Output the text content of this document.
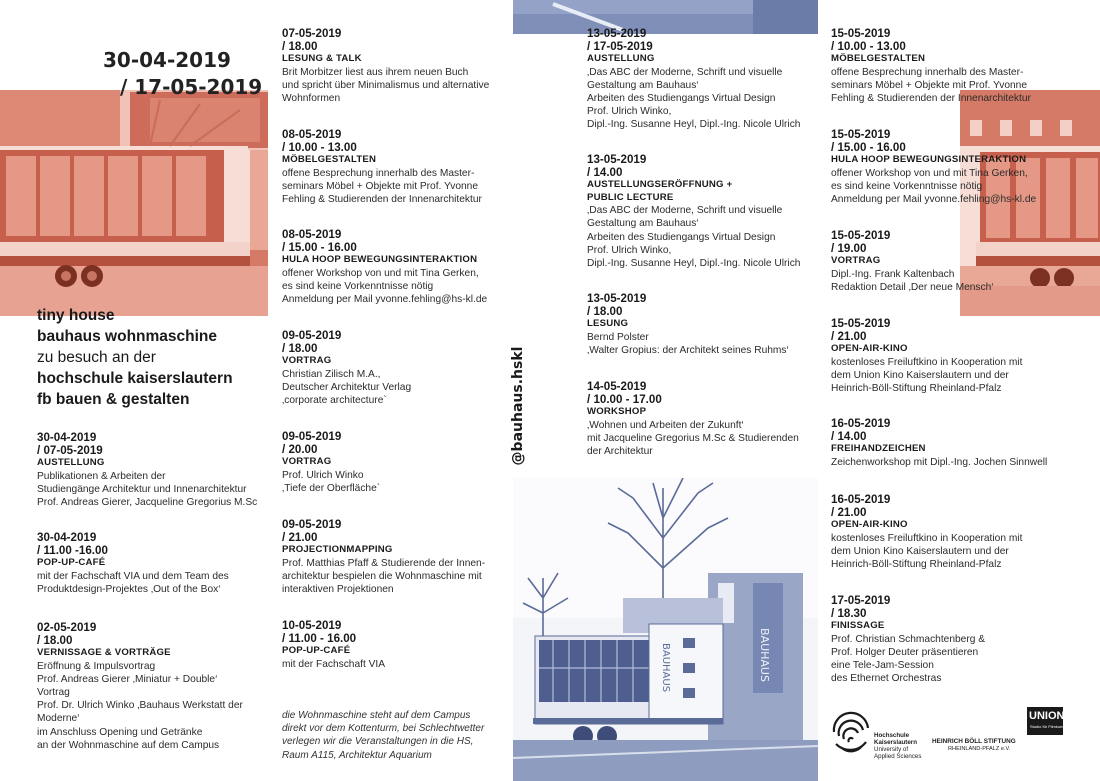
BAUHAUS
BAUHAUS
30-04-2019
/ 17-05-2019
tiny house
bauhaus wohnmaschine
zu besuch an der
hochschule kaiserslautern
fb bauen & gestalten
30-04-2019
/ 07-05-2019
AUSTELLUNG
Publikationen & Arbeiten der
Studiengänge Architektur und Innenarchitektur
Prof. Andreas Gierer, Jacqueline Gregorius M.Sc
30-04-2019
/ 11.00 -16.00
POP-UP-CAFÉ
mit der Fachschaft VIA und dem Team des
Produktdesign-Projektes ‚Out of the Box‘
02-05-2019
/ 18.00
VERNISSAGE & VORTRÄGE
Eröffnung & Impulsvortrag
Prof. Andreas Gierer ‚Miniatur + Double‘
Vortrag
Prof. Dr. Ulrich Winko ‚Bauhaus Werkstatt der
Moderne‘
im Anschluss Opening und Getränke
an der Wohnmaschine auf dem Campus
07-05-2019
/ 18.00
LESUNG & TALK
Brit Morbitzer liest aus ihrem neuen Buch
und spricht über Minimalismus und alternative
Wohnformen
08-05-2019
/ 10.00 - 13.00
MÖBELGESTALTEN
offene Besprechung innerhalb des Master-
seminars Möbel + Objekte mit Prof. Yvonne
Fehling & Studierenden der Innenarchitektur
08-05-2019
/ 15.00 - 16.00
HULA HOOP BEWEGUNGSINTERAKTION
offener Workshop von und mit Tina Gerken,
es sind keine Vorkenntnisse nötig
Anmeldung per Mail yvonne.fehling@hs-kl.de
09-05-2019
/ 18.00
VORTRAG
Christian Zilisch M.A.,
Deutscher Architektur Verlag
‚corporate architecture`
09-05-2019
/ 20.00
VORTRAG
Prof. Ulrich Winko
‚Tiefe der Oberfläche`
09-05-2019
/ 21.00
PROJECTIONMAPPING
Prof. Matthias Pfaff & Studierende der Innen-
architektur bespielen die Wohnmaschine mit
interaktiven Projektionen
10-05-2019
/ 11.00 - 16.00
POP-UP-CAFÉ
mit der Fachschaft VIA
die Wohnmaschine steht auf dem Campus
direkt vor dem Kottenturm, bei Schlechtwetter
verlegen wir die Veranstaltungen in die HS,
Raum A115, Architektur Aquarium
@bauhaus.hskl
13-05-2019
/ 17-05-2019
AUSTELLUNG
‚Das ABC der Moderne, Schrift und visuelle
Gestaltung am Bauhaus‘
Arbeiten des Studiengangs Virtual Design
Prof. Ulrich Winko,
Dipl.-Ing. Susanne Heyl, Dipl.-Ing. Nicole Ulrich
13-05-2019
/ 14.00
AUSTELLUNGSERÖFFNUNG +
PUBLIC LECTURE
‚Das ABC der Moderne, Schrift und visuelle
Gestaltung am Bauhaus‘
Arbeiten des Studiengangs Virtual Design
Prof. Ulrich Winko,
Dipl.-Ing. Susanne Heyl, Dipl.-Ing. Nicole Ulrich
13-05-2019
/ 18.00
LESUNG
Bernd Polster
‚Walter Gropius: der Architekt seines Ruhms‘
14-05-2019
/ 10.00 - 17.00
WORKSHOP
‚Wohnen und Arbeiten der Zukunft‘
mit Jacqueline Gregorius M.Sc & Studierenden
der Architektur
15-05-2019
/ 10.00 - 13.00
MÖBELGESTALTEN
offene Besprechung innerhalb des Master-
seminars Möbel + Objekte mit Prof. Yvonne
Fehling & Studierenden der Innenarchitektur
15-05-2019
/ 15.00 - 16.00
HULA HOOP BEWEGUNGSINTERAKTION
offener Workshop von und mit Tina Gerken,
es sind keine Vorkenntnisse nötig
Anmeldung per Mail yvonne.fehling@hs-kl.de
15-05-2019
/ 19.00
VORTRAG
Dipl.-Ing. Frank Kaltenbach
Redaktion Detail ‚Der neue Mensch‘
15-05-2019
/ 21.00
OPEN-AIR-KINO
kostenloses Freiluftkino in Kooperation mit
dem Union Kino Kaiserslautern und der
Heinrich-Böll-Stiftung Rheinland-Pfalz
16-05-2019
/ 14.00
FREIHANDZEICHEN
Zeichenworkshop mit Dipl.-Ing. Jochen Sinnwell
16-05-2019
/ 21.00
OPEN-AIR-KINO
kostenloses Freiluftkino in Kooperation mit
dem Union Kino Kaiserslautern und der
Heinrich-Böll-Stiftung Rheinland-Pfalz
17-05-2019
/ 18.30
FINISSAGE
Prof. Christian Schmachtenberg &
Prof. Holger Deuter präsentieren
eine Tele-Jam-Session
des Ethernet Orchestras
Hochschule
Kaiserslautern
University of
Applied Sciences
HEINRICH BÖLL STIFTUNG
RHEINLAND-PFALZ e.V.
UNION
Studio für Filmkunst
